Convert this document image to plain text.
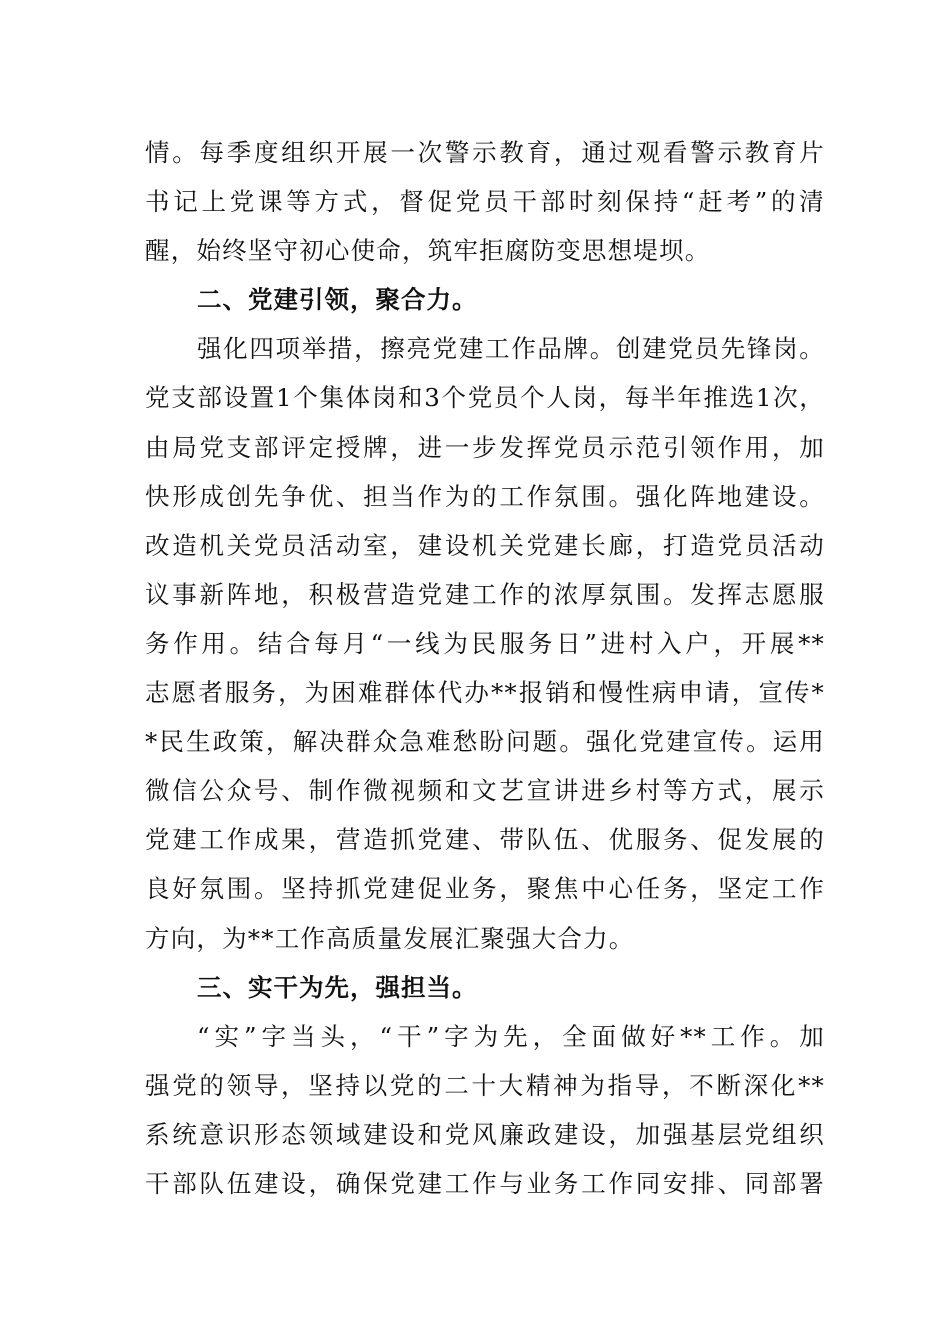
情。每季度组织开展一次警示教育，通过观看警示教育片
书记上党课等方式，督促党员干部时刻保持“赶考”的清
醒，始终坚守初心使命，筑牢拒腐防变思想堤坝。
二、党建引领，聚合力。
强化四项举措，擦亮党建工作品牌。创建党员先锋岗。
党支部设置1个集体岗和3个党员个人岗，每半年推选1次，
由局党支部评定授牌，进一步发挥党员示范引领作用，加
快形成创先争优、担当作为的工作氛围。强化阵地建设。
改造机关党员活动室，建设机关党建长廊，打造党员活动
议事新阵地，积极营造党建工作的浓厚氛围。发挥志愿服
务作用。结合每月“一线为民服务日”进村入户，开展**
志愿者服务，为困难群体代办**报销和慢性病申请，宣传*
*民生政策，解决群众急难愁盼问题。强化党建宣传。运用
微信公众号、制作微视频和文艺宣讲进乡村等方式，展示
党建工作成果，营造抓党建、带队伍、优服务、促发展的
良好氛围。坚持抓党建促业务，聚焦中心任务，坚定工作
方向，为**工作高质量发展汇聚强大合力。
三、实干为先，强担当。
“实”字当头，“干”字为先，全面做好**工作。加
强党的领导，坚持以党的二十大精神为指导，不断深化**
系统意识形态领域建设和党风廉政建设，加强基层党组织
干部队伍建设，确保党建工作与业务工作同安排、同部署
